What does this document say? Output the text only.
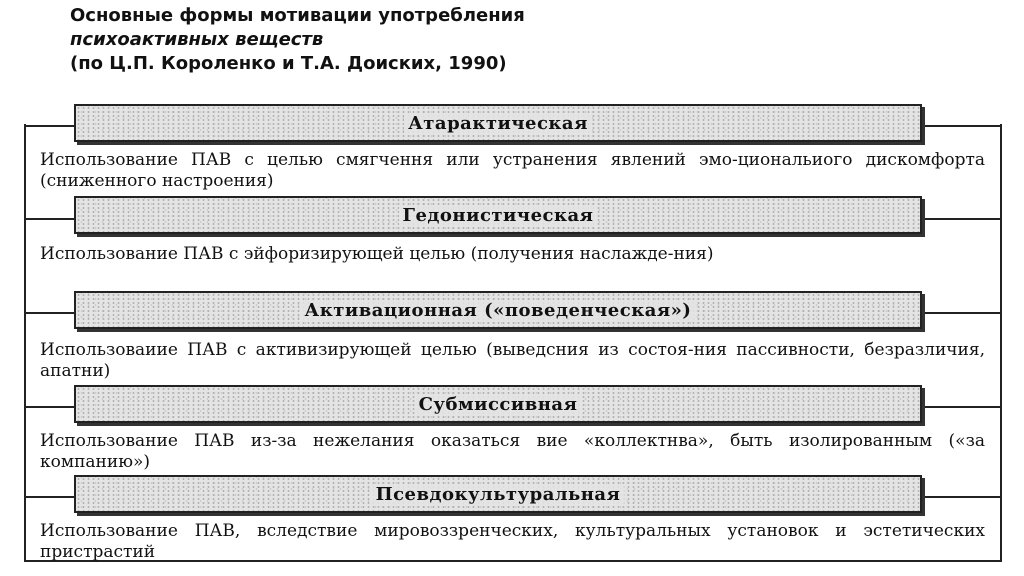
Основные формы мотивации употребления
психоактивных веществ
(по Ц.П. Короленко и Т.А. Доиских, 1990)
Атарактическая
Использование ПАВ с целью смягчення или устранения явлений эмо-циональиого дискомфорта (сниженного настроения)
Гедонистическая
Использование ПАВ с эйфоризирующей целью (получения наслажде-ния)
Активационная («поведенческая»)
Использоваиие ПАВ с активизирующей целью (выведсния из состоя-ния пассивности, безразличия, апатни)
Субмиссивная
Использование ПАВ из-за нежелания оказаться вие «коллектнва», быть изолированным («за компанию»)
Псевдокультуральная
Использование ПАВ, вследствие мировоззренческих, культуральных установок и эстетических пристрастий
